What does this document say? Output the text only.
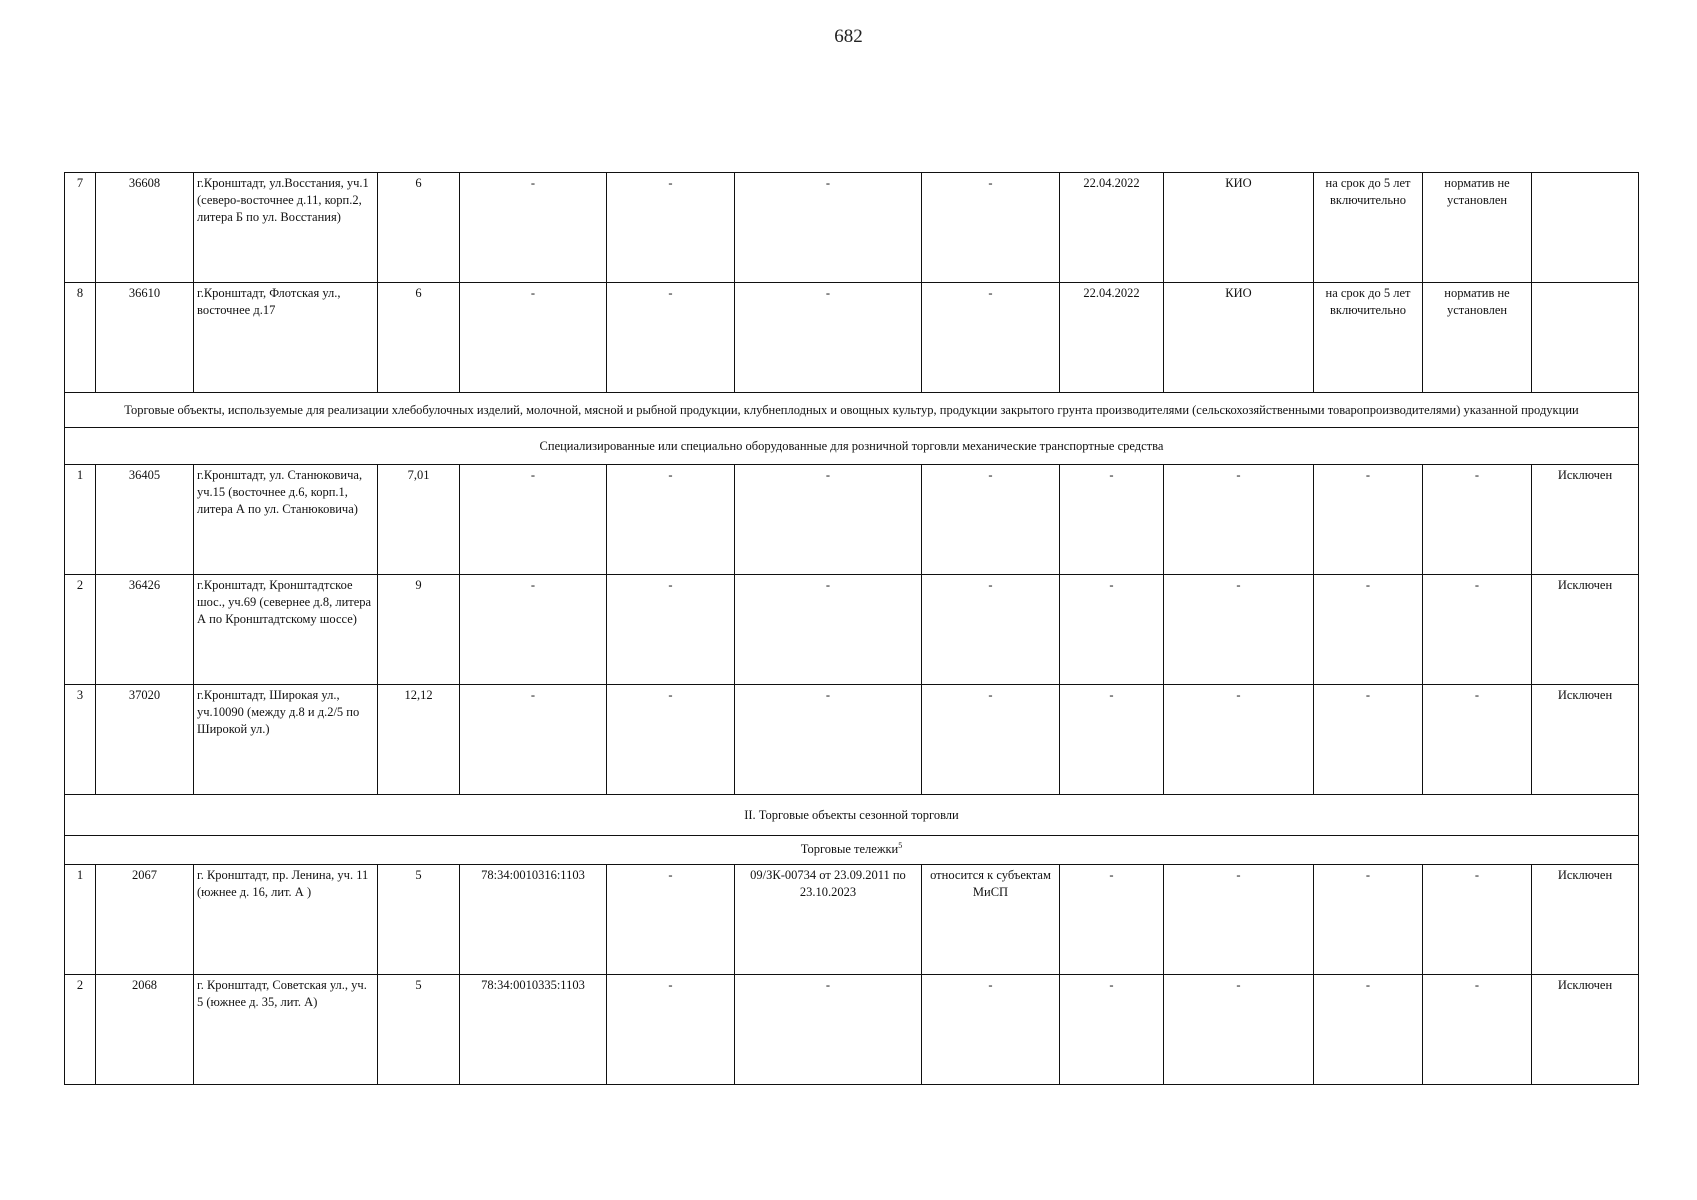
682
7	36608	г.Кронштадт, ул.Восстания, уч.1 (северо-восточнее д.11, корп.2, литера Б по ул. Восстания)	6	-	-	-	-	22.04.2022	КИО	на срок до 5 лет включительно	норматив не установлен	
8	36610	г.Кронштадт, Флотская ул., восточнее д.17	6	-	-	-	-	22.04.2022	КИО	на срок до 5 лет включительно	норматив не установлен	
Торговые объекты, используемые для реализации хлебобулочных изделий, молочной, мясной и рыбной продукции, клубнеплодных и овощных культур, продукции закрытого грунта производителями (сельскохозяйственными товаропроизводителями) указанной продукции												
Специализированные или специально оборудованные для розничной торговли механические транспортные средства												
1	36405	г.Кронштадт, ул. Станюковича, уч.15 (восточнее д.6, корп.1, литера А по ул. Станюковича)	7,01	-	-	-	-	-	-	-	-	Исключен
2	36426	г.Кронштадт, Кронштадтское шос., уч.69 (севернее д.8, литера А по Кронштадтскому шоссе)	9	-	-	-	-	-	-	-	-	Исключен
3	37020	г.Кронштадт, Широкая ул., уч.10090 (между д.8 и д.2/5 по Широкой ул.)	12,12	-	-	-	-	-	-	-	-	Исключен
II. Торговые объекты сезонной торговли												
Торговые тележки$^5$
1	2067	г. Кронштадт, пр. Ленина, уч. 11 (южнее д. 16, лит. А )	5	78:34:0010316:1103	-	09/ЗК-00734 от 23.09.2011 по 23.10.2023	относится к субъектам МиСП	-	-	-	-	Исключен
2	2068	г. Кронштадт, Советская ул., уч. 5 (южнее д. 35, лит. А)	5	78:34:0010335:1103	-	-	-	-	-	-	-	Исключен
